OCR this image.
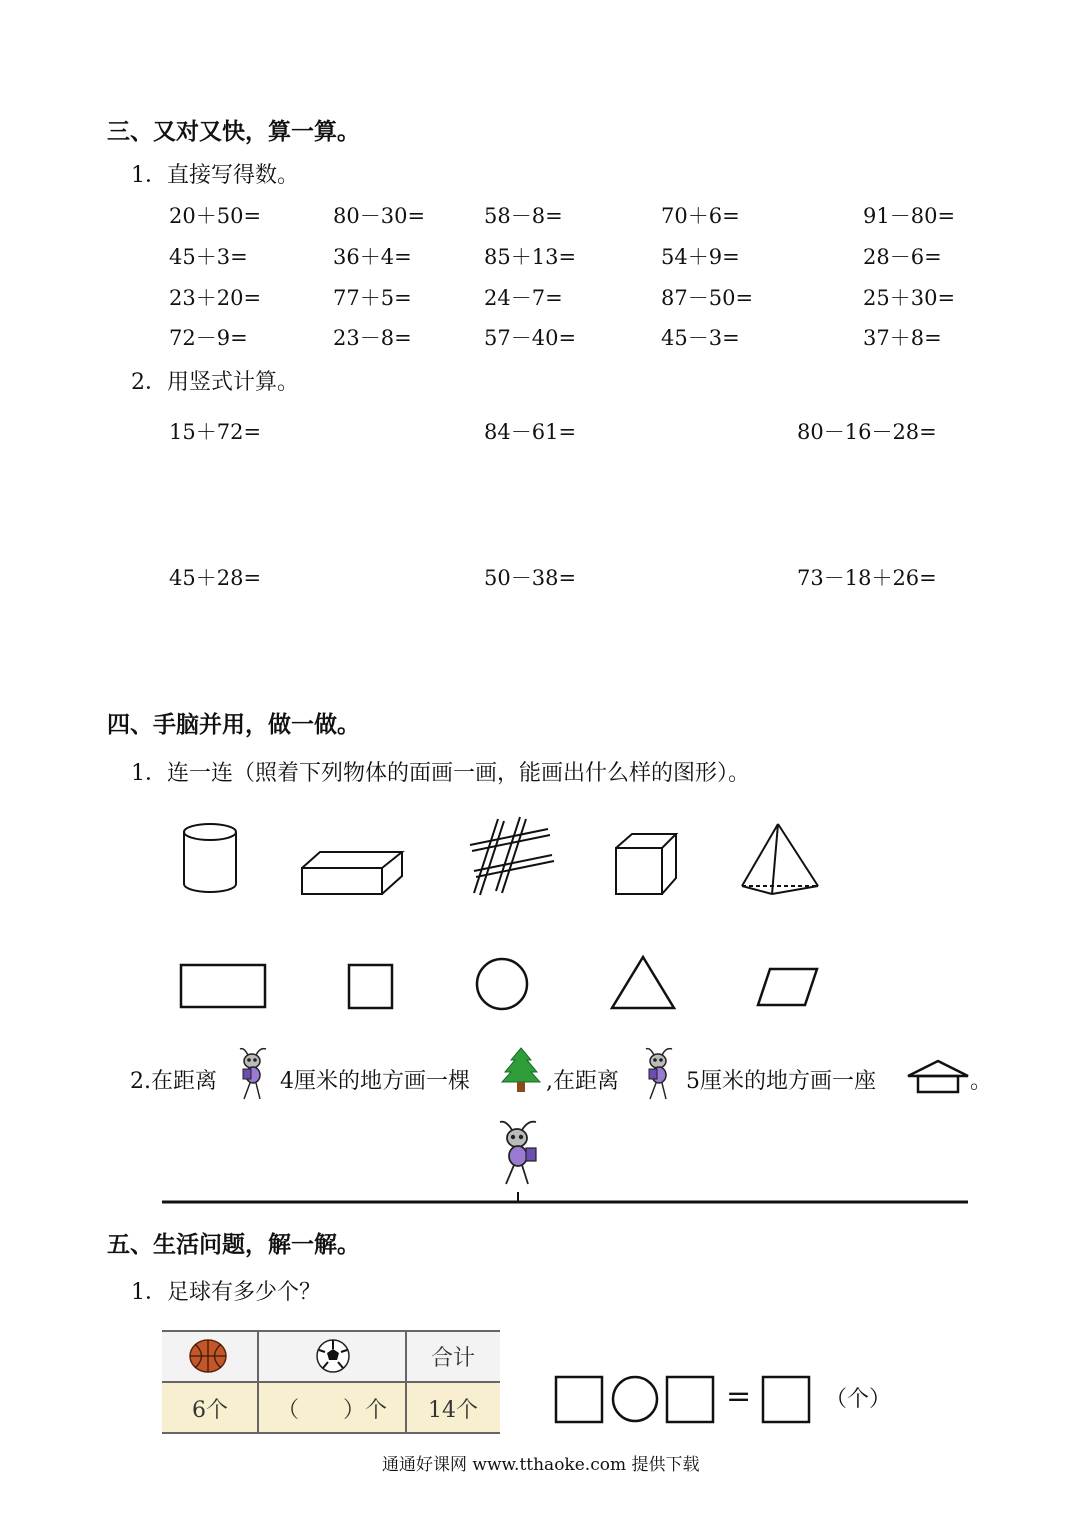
三、又对又快，算一算。
1．直接写得数。
20＋50=	80－30=	58－8=	70＋6=	91－80=
45＋3=	36＋4=	85＋13=	54＋9=	28－6=
23＋20=	77＋5=	24－7=	87－50=	25＋30=
72－9=	23－8=	57－40=	45－3=	37＋8=
2．用竖式计算。
15＋72=	84－61=	80－16－28=
45＋28=	50－38=	73－18＋26=
四、手脑并用，做一做。
1．连一连（照着下列物体的面画一画，能画出什么样的图形）。
2.在距离	4厘米的地方画一棵	,在距离	5厘米的地方画一座	。
五、生活问题，解一解。
1．足球有多少个？
合计
6个	（　　）个	14个	=	（个）
通通好课网 www.tthaoke.com 提供下载
